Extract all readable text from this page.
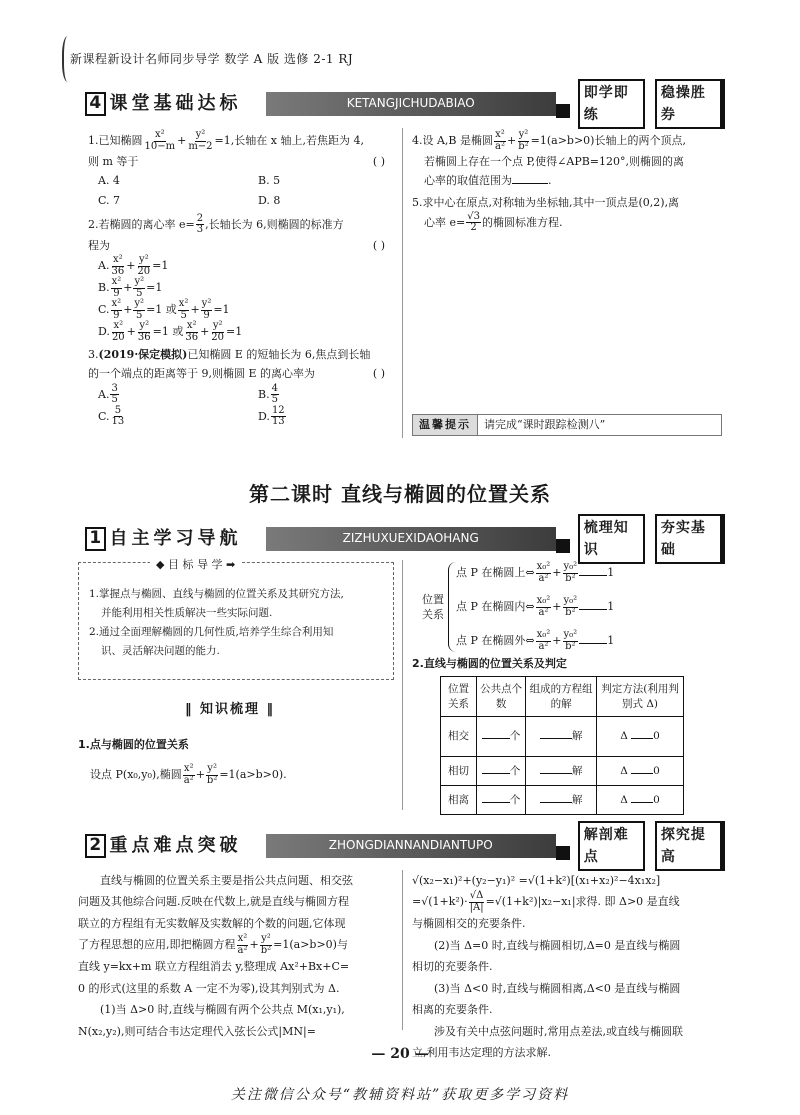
新课程新设计名师同步导学 数学 A 版 选修 2-1 RJ
4 课堂基础达标	KETANGJICHUDABIAO
即学即练
稳操胜券
1.已知椭圆 $\frac{\text{x²}}{10-m} + \frac{\text{y²}}{m-2} =1$,长轴在 x 轴上,若焦距为 4,
则 m 等于	( )
A. 4	B. 5
C. 7	D. 8
2.若椭圆的离心率 $e= \frac{2}{3}$ ,长轴长为 6,则椭圆的标准方
程为	( )
A. $\frac{\text{x²}}{36} + \frac{\text{y²}}{20} =1$
B. $\frac{\text{x²}}{9} + \frac{\text{y²}}{5} =1$
C. $\frac{\text{x²}}{9} + \frac{\text{y²}}{5} =1$ 或 $\frac{\text{x²}}{5} + \frac{\text{y²}}{9} =1$
D. $\frac{\text{x²}}{20} + \frac{\text{y²}}{36} =1$ 或 $\frac{\text{x²}}{36} + \frac{\text{y²}}{20} =1$
3.(2019·保定模拟)已知椭圆 E 的短轴长为 6,焦点到长轴
的一个端点的距离等于 9,则椭圆 E 的离心率为	( )
A. $\frac{3}{5}$	B. $\frac{4}{5}$
C. $\frac{5}{13}$	D. $\frac{12}{13}$
4.设 A,B 是椭圆 $\frac{\text{x²}}{\text{a²}} + \frac{\text{y²}}{\text{b²}} =1(a>b>0)$长轴上的两个顶点,
若椭圆上存在一个点 P,使得∠APB=120°,则椭圆的离
心率的取值范围为	.
5.求中心在原点,对称轴为坐标轴,其中一顶点是(0,2),离
心率 $e= \frac{√3}{2}$ 的椭圆标准方程.
温馨提示	请完成“课时跟踪检测八”
第二课时 直线与椭圆的位置关系
1 自主学习导航	ZIZHUXUEXIDAOHANG
梳理知识
夯实基础
1.掌握点与椭圆、直线与椭圆的位置关系及其研究方法,
并能利用相关性质解决一些实际问题.
2.通过全面理解椭圆的几何性质,培养学生综合利用知
识、灵活解决问题的能力.
◆ 目 标 导 学 ➡
‖ 知识梳理 ‖
1.点与椭圆的位置关系
设点 P(x₀,y₀),椭圆 $\frac{\text{x²}}{\text{a²}} + \frac{\text{y²}}{\text{b²}} =1(a>b>0)$.
位置关系
点 P 在椭圆上⇔ $\frac{\text{x₀²}}{\text{a²}} + \frac{\text{y₀²}}{\text{b²}}$	1
点 P 在椭圆内⇔ $\frac{\text{x₀²}}{\text{a²}} + \frac{\text{y₀²}}{\text{b²}}$	1
点 P 在椭圆外⇔ $\frac{\text{x₀²}}{\text{a²}} + \frac{\text{y₀²}}{\text{b²}}$	1
2.直线与椭圆的位置关系及判定
位置关系	公共点个数	组成的方程组的解	判定方法(利用判别式 Δ)
相交	个	解	Δ 0
相切	个	解	Δ 0
相离	个	解	Δ 0
2 重点难点突破	ZHONGDIANNANDIANTUPO
解剖难点
探究提高
直线与椭圆的位置关系主要是指公共点问题、相交弦
问题及其他综合问题.反映在代数上,就是直线与椭圆方程
联立的方程组有无实数解及实数解的个数的问题,它体现
了方程思想的应用,即把椭圆方程 $\frac{\text{x²}}{\text{a²}} + \frac{\text{y²}}{\text{b²}} =1(a>b>0)$与
直线 y=kx+m 联立方程组消去 y,整理成 Ax²+Bx+C=
0 的形式(这里的系数 A 一定不为零),设其判别式为 Δ.
(1)当 Δ>0 时,直线与椭圆有两个公共点 M(x₁,y₁),
N(x₂,y₂),则可结合韦达定理代入弦长公式|MN|=
√(x₂−x₁)²+(y₂−y₁)² =√(1+k²)[(x₁+x₂)²−4x₁x₂]
$=√(1+k^2)\cdot \frac{√\Delta}{|A|} =√(1+k^2)|x_2-x_1|$求得. 即 Δ>0 是直线
与椭圆相交的充要条件.
(2)当 Δ=0 时,直线与椭圆相切,Δ=0 是直线与椭圆
相切的充要条件.
(3)当 Δ<0 时,直线与椭圆相离,Δ<0 是直线与椭圆
相离的充要条件.
涉及有关中点弦问题时,常用点差法,或直线与椭圆联
立,利用韦达定理的方法求解.
— 20 —
关注微信公众号“教辅资料站”获取更多学习资料
